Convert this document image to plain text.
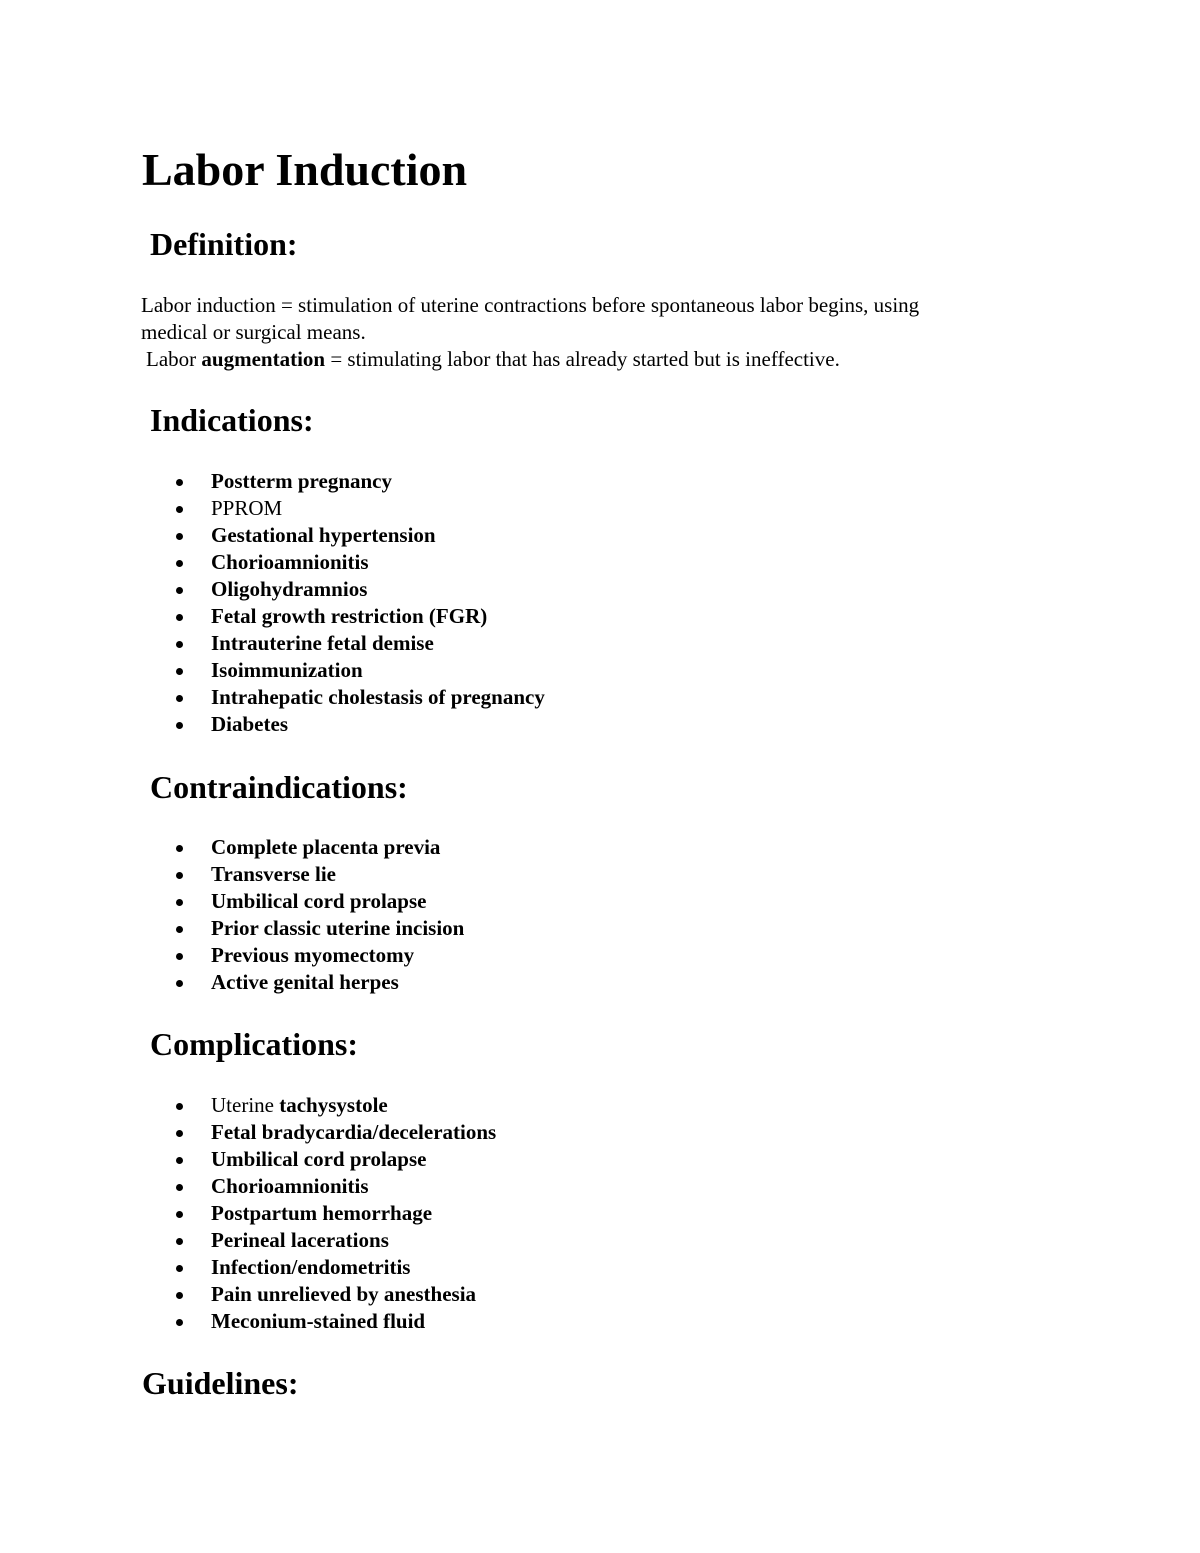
Labor Induction
Definition:
Labor induction = stimulation of uterine contractions before spontaneous labor begins, using
medical or surgical means.
Labor augmentation = stimulating labor that has already started but is ineffective.
Indications:
Postterm pregnancy
PPROM
Gestational hypertension
Chorioamnionitis
Oligohydramnios
Fetal growth restriction (FGR)
Intrauterine fetal demise
Isoimmunization
Intrahepatic cholestasis of pregnancy
Diabetes
Contraindications:
Complete placenta previa
Transverse lie
Umbilical cord prolapse
Prior classic uterine incision
Previous myomectomy
Active genital herpes
Complications:
Uterine tachysystole
Fetal bradycardia/decelerations
Umbilical cord prolapse
Chorioamnionitis
Postpartum hemorrhage
Perineal lacerations
Infection/endometritis
Pain unrelieved by anesthesia
Meconium-stained fluid
Guidelines:
